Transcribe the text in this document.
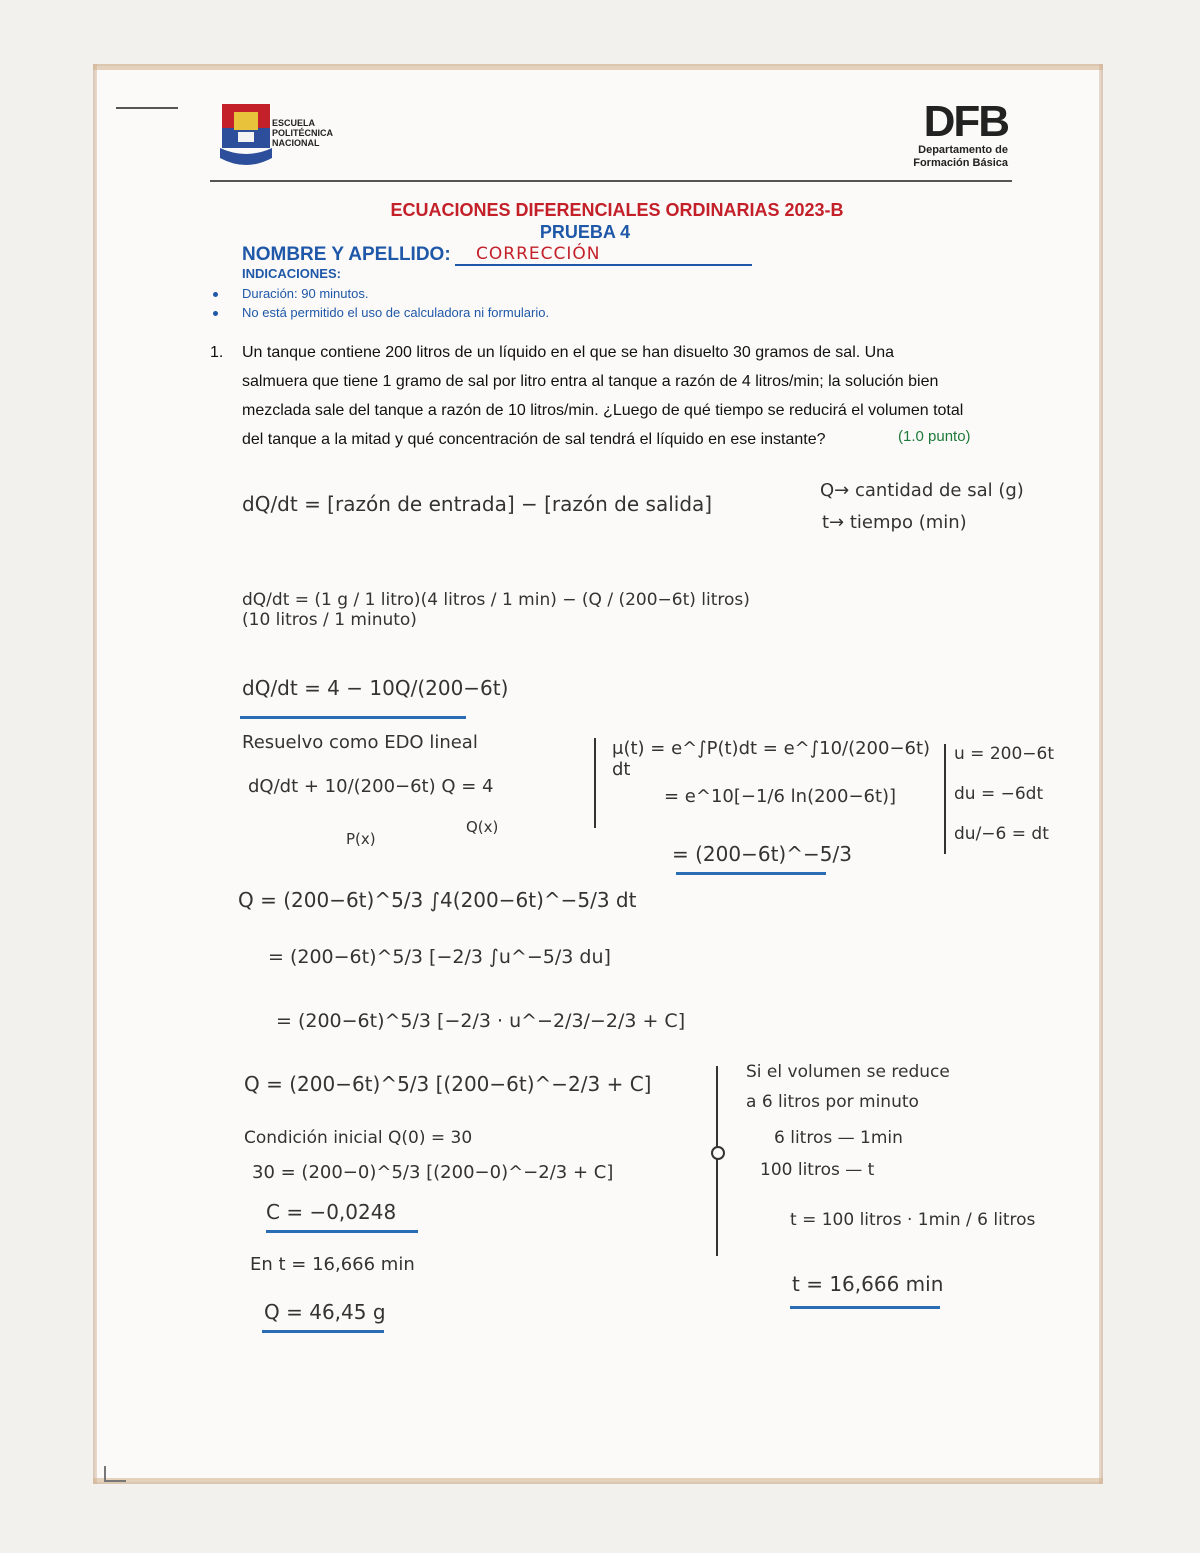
ESCUELA
POLITÉCNICA
NACIONAL	DFB
Departamento de
Formación Básica
ECUACIONES DIFERENCIALES ORDINARIAS 2023-B
PRUEBA 4
NOMBRE Y APELLIDO: CORRECCIÓN
INDICACIONES:
Duración: 90 minutos.
No está permitido el uso de calculadora ni formulario.
1. Un tanque contiene 200 litros de un líquido en el que se han disuelto 30 gramos de sal. Una
salmuera que tiene 1 gramo de sal por litro entra al tanque a razón de 4 litros/min; la solución bien
mezclada sale del tanque a razón de 10 litros/min. ¿Luego de qué tiempo se reducirá el volumen total
del tanque a la mitad y qué concentración de sal tendrá el líquido en ese instante?	(1.0 punto)
dQ/dt = [razón de entrada] − [razón de salida]
Q→ cantidad de sal (g)
t→ tiempo (min)
dQ/dt = (1 g / 1 litro)(4 litros / 1 min) − (Q / (200−6t) litros)(10 litros / 1 minuto)
dQ/dt = 4 − 10Q/(200−6t)
Resuelvo como EDO lineal
dQ/dt + 10/(200−6t) Q = 4
P(x)
Q(x)
μ(t) = e^∫P(t)dt = e^∫10/(200−6t) dt
= e^10[−1/6 ln(200−6t)]
= (200−6t)^−5/3
u = 200−6t
du = −6dt
du/−6 = dt
Q = (200−6t)^5/3 ∫4(200−6t)^−5/3 dt
= (200−6t)^5/3 [−2/3 ∫u^−5/3 du]
= (200−6t)^5/3 [−2/3 · u^−2/3/−2/3 + C]
Q = (200−6t)^5/3 [(200−6t)^−2/3 + C]
Condición inicial Q(0) = 30
30 = (200−0)^5/3 [(200−0)^−2/3 + C]
C = −0,0248
En t = 16,666 min
Q = 46,45 g
Si el volumen se reduce
a 6 litros por minuto
6 litros — 1min
100 litros — t
t = 100 litros · 1min / 6 litros
t = 16,666 min
